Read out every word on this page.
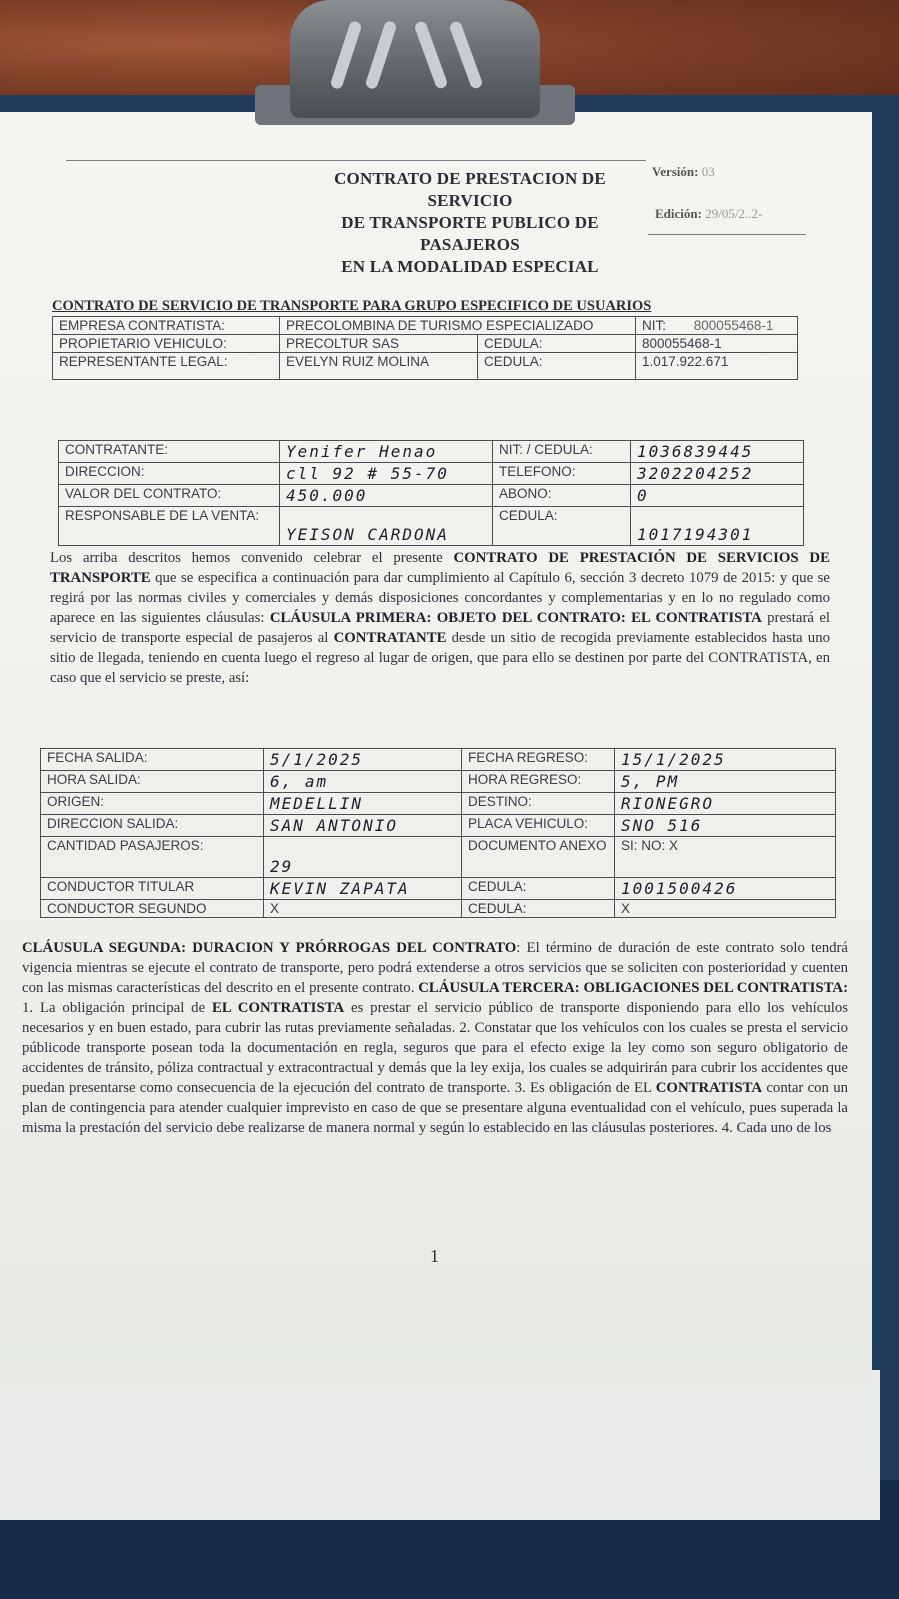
CONTRATO DE PRESTACION DE SERVICIO
DE TRANSPORTE PUBLICO DE PASAJEROS
EN LA MODALIDAD ESPECIAL
Versión: 03
Edición: 29/05/2..2-
CONTRATO DE SERVICIO DE TRANSPORTE PARA GRUPO ESPECIFICO DE USUARIOS
EMPRESA CONTRATISTA:	PRECOLOMBINA DE TURISMO ESPECIALIZADO		NIT: 800055468-1
PROPIETARIO VEHICULO:	PRECOLTUR SAS	CEDULA:	800055468-1
REPRESENTANTE LEGAL:	EVELYN RUIZ MOLINA	CEDULA:	1.017.922.671
CONTRATANTE:	Yenifer Henao	NIT: / CEDULA:	1036839445
DIRECCION:	cll 92 # 55-70	TELEFONO:	3202204252
VALOR DEL CONTRATO:	450.000	ABONO:	0
RESPONSABLE DE LA VENTA:	YEISON CARDONA	CEDULA:	1017194301
Los arriba descritos hemos convenido celebrar el presente CONTRATO DE PRESTACIÓN DE SERVICIOS DE TRANSPORTE que se especifica a continuación para dar cumplimiento al Capítulo 6, sección 3 decreto 1079 de 2015: y que se regirá por las normas civiles y comerciales y demás disposiciones concordantes y complementarias y en lo no regulado como aparece en las siguientes cláusulas: CLÁUSULA PRIMERA: OBJETO DEL CONTRATO: EL CONTRATISTA prestará el servicio de transporte especial de pasajeros al CONTRATANTE desde un sitio de recogida previamente establecidos hasta uno sitio de llegada, teniendo en cuenta luego el regreso al lugar de origen, que para ello se destinen por parte del CONTRATISTA, en caso que el servicio se preste, así:
FECHA SALIDA:	5/1/2025	FECHA REGRESO:	15/1/2025
HORA SALIDA:	6, am	HORA REGRESO:	5, PM
ORIGEN:	MEDELLIN	DESTINO:	RIONEGRO
DIRECCION SALIDA:	SAN ANTONIO	PLACA VEHICULO:	SNO 516
CANTIDAD PASAJEROS:	29	DOCUMENTO ANEXO	SI: NO: X
CONDUCTOR TITULAR	KEVIN ZAPATA	CEDULA:	1001500426
CONDUCTOR SEGUNDO	X	CEDULA:	X
CLÁUSULA SEGUNDA: DURACION Y PRÓRROGAS DEL CONTRATO: El término de duración de este contrato solo tendrá vigencia mientras se ejecute el contrato de transporte, pero podrá extenderse a otros servicios que se soliciten con posterioridad y cuenten con las mismas características del descrito en el presente contrato. CLÁUSULA TERCERA: OBLIGACIONES DEL CONTRATISTA: 1. La obligación principal de EL CONTRATISTA es prestar el servicio público de transporte disponiendo para ello los vehículos necesarios y en buen estado, para cubrir las rutas previamente señaladas. 2. Constatar que los vehículos con los cuales se presta el servicio públicode transporte posean toda la documentación en regla, seguros que para el efecto exige la ley como son seguro obligatorio de accidentes de tránsito, póliza contractual y extracontractual y demás que la ley exija, los cuales se adquirirán para cubrir los accidentes que puedan presentarse como consecuencia de la ejecución del contrato de transporte. 3. Es obligación de EL CONTRATISTA contar con un plan de contingencia para atender cualquier imprevisto en caso de que se presentare alguna eventualidad con el vehículo, pues superada la misma la prestación del servicio debe realizarse de manera normal y según lo establecido en las cláusulas posteriores. 4. Cada uno de los
1
